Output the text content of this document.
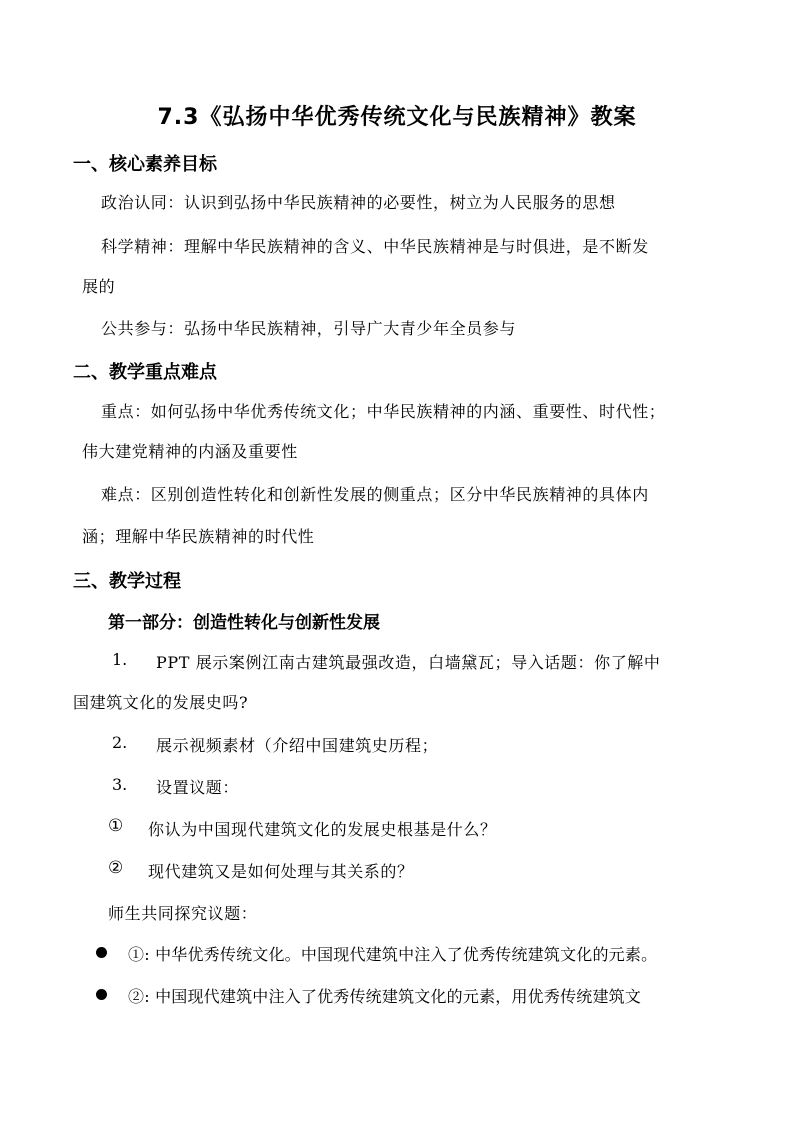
7.3《弘扬中华优秀传统文化与民族精神》教案
一、核心素养目标
政治认同：认识到弘扬中华民族精神的必要性，树立为人民服务的思想
科学精神：理解中华民族精神的含义、中华民族精神是与时俱进，是不断发
展的
公共参与：弘扬中华民族精神，引导广大青少年全员参与
二、教学重点难点
重点：如何弘扬中华优秀传统文化；中华民族精神的内涵、重要性、时代性；
伟大建党精神的内涵及重要性
难点：区别创造性转化和创新性发展的侧重点；区分中华民族精神的具体内
涵；理解中华民族精神的时代性
三、教学过程
第一部分：创造性转化与创新性发展
1. PPT 展示案例江南古建筑最强改造，白墙黛瓦；导入话题：你了解中
国建筑文化的发展史吗?
2. 展示视频素材（介绍中国建筑史历程；
3. 设置议题：
① 你认为中国现代建筑文化的发展史根基是什么？
② 现代建筑又是如何处理与其关系的？
师生共同探究议题：
①: 中华优秀传统文化。中国现代建筑中注入了优秀传统建筑文化的元素。
②: 中国现代建筑中注入了优秀传统建筑文化的元素，用优秀传统建筑文
